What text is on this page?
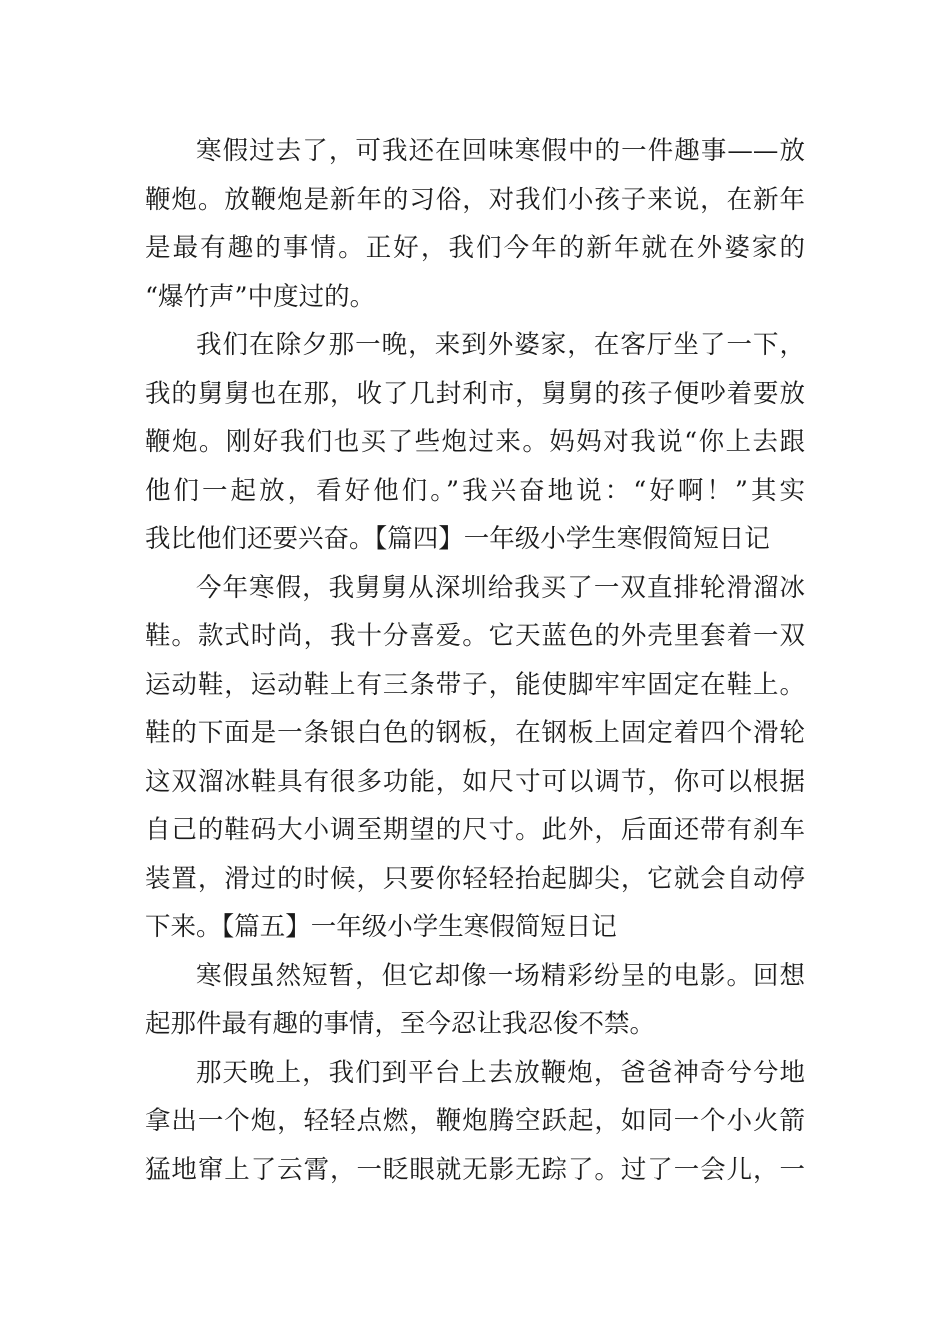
寒假过去了，可我还在回味寒假中的一件趣事——放
鞭炮。放鞭炮是新年的习俗，对我们小孩子来说，在新年
是最有趣的事情。正好，我们今年的新年就在外婆家的
“爆竹声”中度过的。
我们在除夕那一晚，来到外婆家，在客厅坐了一下，
我的舅舅也在那，收了几封利市，舅舅的孩子便吵着要放
鞭炮。刚好我们也买了些炮过来。妈妈对我说“你上去跟
他们一起放，看好他们。”我兴奋地说：“好啊！”其实
我比他们还要兴奋。【篇四】一年级小学生寒假简短日记
今年寒假，我舅舅从深圳给我买了一双直排轮滑溜冰
鞋。款式时尚，我十分喜爱。它天蓝色的外壳里套着一双
运动鞋，运动鞋上有三条带子，能使脚牢牢固定在鞋上。
鞋的下面是一条银白色的钢板，在钢板上固定着四个滑轮
这双溜冰鞋具有很多功能，如尺寸可以调节，你可以根据
自己的鞋码大小调至期望的尺寸。此外，后面还带有刹车
装置，滑过的时候，只要你轻轻抬起脚尖，它就会自动停
下来。【篇五】一年级小学生寒假简短日记
寒假虽然短暂，但它却像一场精彩纷呈的电影。回想
起那件最有趣的事情，至今忍让我忍俊不禁。
那天晚上，我们到平台上去放鞭炮，爸爸神奇兮兮地
拿出一个炮，轻轻点燃，鞭炮腾空跃起，如同一个小火箭
猛地窜上了云霄，一眨眼就无影无踪了。过了一会儿，一
